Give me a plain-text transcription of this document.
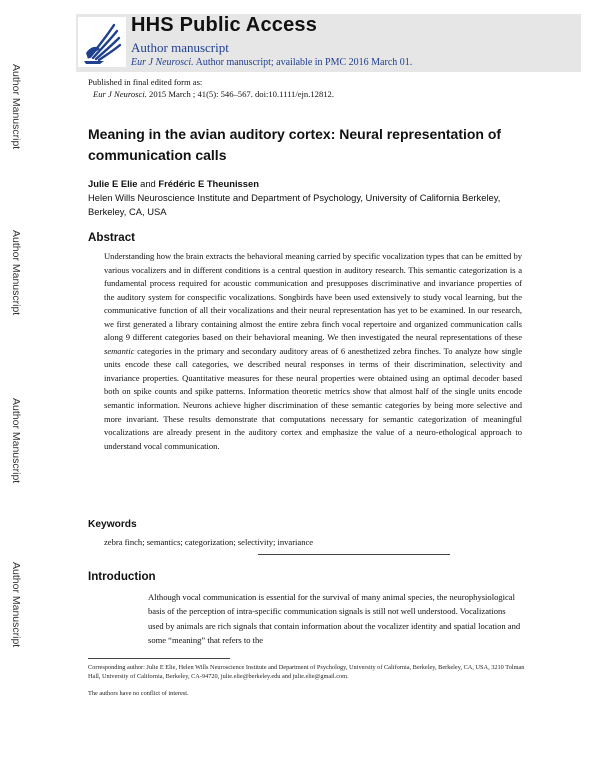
Author Manuscript
Author Manuscript
Author Manuscript
Author Manuscript
HHS Public Access
Author manuscript
Eur J Neurosci. Author manuscript; available in PMC 2016 March 01.
Published in final edited form as:
Eur J Neurosci. 2015 March ; 41(5): 546–567. doi:10.1111/ejn.12812.
Meaning in the avian auditory cortex: Neural representation of communication calls
Julie E Elie and Frédéric E Theunissen
Helen Wills Neuroscience Institute and Department of Psychology, University of California Berkeley, Berkeley, CA, USA
Abstract
Understanding how the brain extracts the behavioral meaning carried by specific vocalization types that can be emitted by various vocalizers and in different conditions is a central question in auditory research. This semantic categorization is a fundamental process required for acoustic communication and presupposes discriminative and invariance properties of the auditory system for conspecific vocalizations. Songbirds have been used extensively to study vocal learning, but the communicative function of all their vocalizations and their neural representation has yet to be examined. In our research, we first generated a library containing almost the entire zebra finch vocal repertoire and organized communication calls along 9 different categories based on their behavioral meaning. We then investigated the neural representations of these semantic categories in the primary and secondary auditory areas of 6 anesthetized zebra finches. To analyze how single units encode these call categories, we described neural responses in terms of their discrimination, selectivity and invariance properties. Quantitative measures for these neural properties were obtained using an optimal decoder based both on spike counts and spike patterns. Information theoretic metrics show that almost half of the single units encode semantic information. Neurons achieve higher discrimination of these semantic categories by being more selective and more invariant. These results demonstrate that computations necessary for semantic categorization of meaningful vocalizations are already present in the auditory cortex and emphasize the value of a neuro-ethological approach to understand vocal communication.
Keywords
zebra finch; semantics; categorization; selectivity; invariance
Introduction
Although vocal communication is essential for the survival of many animal species, the neurophysiological basis of the perception of intra-specific communication signals is still not well understood. Vocalizations used by animals are rich signals that contain information about the vocalizer identity and spatial location and some “meaning” that refers to the
Corresponding author: Julie E Elie, Helen Wills Neuroscience Institute and Department of Psychology, University of California, Berkeley, Berkeley, CA, USA, 3210 Tolman Hall, University of California, Berkeley, CA-94720, julie.elie@berkeley.edu and julie.elie@gmail.com.
The authors have no conflict of interest.
